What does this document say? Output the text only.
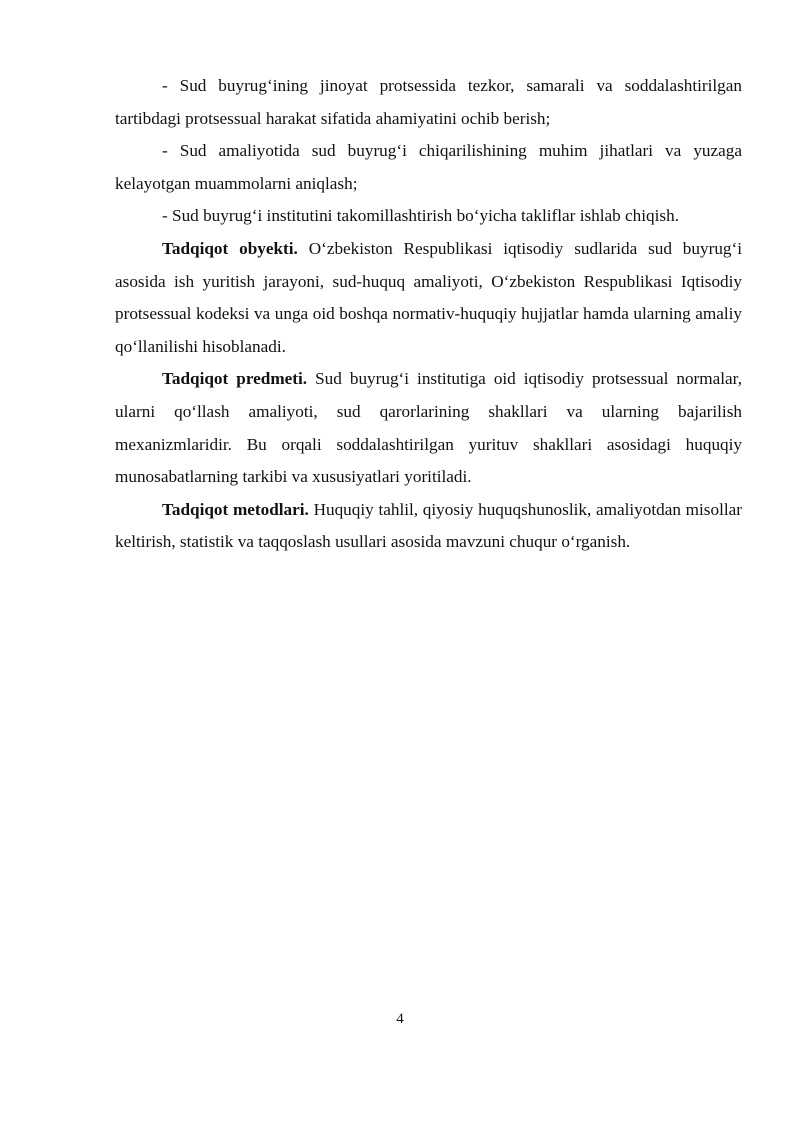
- Sud buyrug‘ining jinoyat protsessida tezkor, samarali va soddalashtirilgan tartibdagi protsessual harakat sifatida ahamiyatini ochib berish;

- Sud amaliyotida sud buyrug‘i chiqarilishining muhim jihatlari va yuzaga kelayotgan muammolarni aniqlash;

- Sud buyrug‘i institutini takomillashtirish bo‘yicha takliflar ishlab chiqish.

Tadqiqot obyekti. O‘zbekiston Respublikasi iqtisodiy sudlarida sud buyrug‘i asosida ish yuritish jarayoni, sud-huquq amaliyoti, O‘zbekiston Respublikasi Iqtisodiy protsessual kodeksi va unga oid boshqa normativ-huquqiy hujjatlar hamda ularning amaliy qo‘llanilishi hisoblanadi.

Tadqiqot predmeti. Sud buyrug‘i institutiga oid iqtisodiy protsessual normalar, ularni qo‘llash amaliyoti, sud qarorlarining shakllari va ularning bajarilish mexanizmlaridir. Bu orqali soddalashtirilgan yurituv shakllari asosidagi huquqiy munosabatlarning tarkibi va xususiyatlari yoritiladi.

Tadqiqot metodlari. Huquqiy tahlil, qiyosiy huquqshunoslik, amaliyotdan misollar keltirish, statistik va taqqoslash usullari asosida mavzuni chuqur o‘rganish.

4
